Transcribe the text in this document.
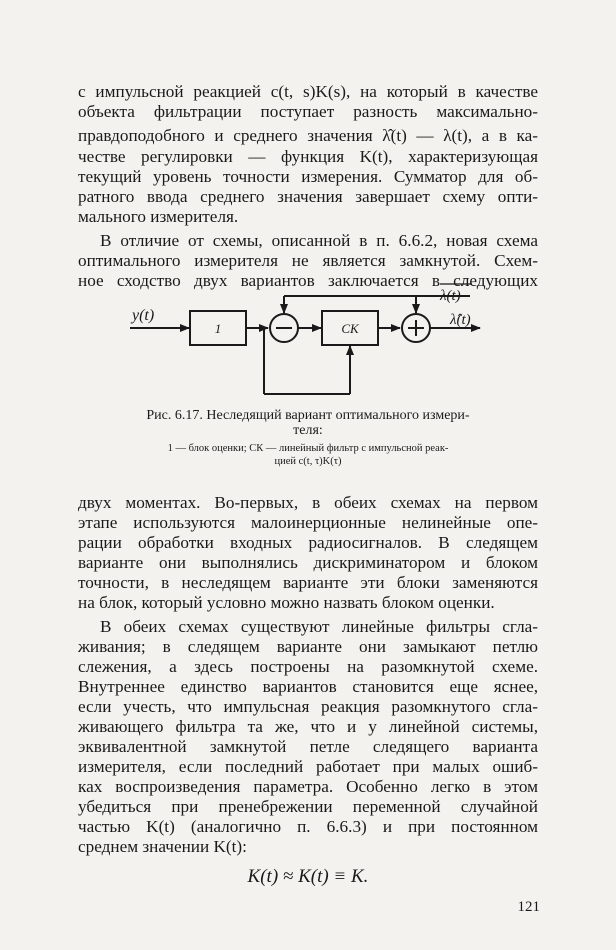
с импульсной реакцией c(t, s)K(s), на который в качестве
объекта фильтрации поступает разность максимально-
правдоподобного и среднего значения λ̂(t) — λ(t), а в ка-
честве регулировки — функция K(t), характеризующая
текущий уровень точности измерения. Сумматор для об-
ратного ввода среднего значения завершает схему опти-
мального измерителя.
В отличие от схемы, описанной в п. 6.6.2, новая схема
оптимального измерителя не является замкнутой. Схем-
ное сходство двух вариантов заключается в следующих
y(t)
1	СК
λ(t)
λ̂(t)
Рис. 6.17. Неследящий вариант оптимального измери-
теля:
1 — блок оценки; СК — линейный фильтр с импульсной реак-
цией c(t, τ)K(τ)
двух моментах. Во-первых, в обеих схемах на первом
этапе используются малоинерционные нелинейные опе-
рации обработки входных радиосигналов. В следящем
варианте они выполнялись дискриминатором и блоком
точности, в неследящем варианте эти блоки заменяются
на блок, который условно можно назвать блоком оценки.
В обеих схемах существуют линейные фильтры сгла-
живания; в следящем варианте они замыкают петлю
слежения, а здесь построены на разомкнутой схеме.
Внутреннее единство вариантов становится еще яснее,
если учесть, что импульсная реакция разомкнутого сгла-
живающего фильтра та же, что и у линейной системы,
эквивалентной замкнутой петле следящего варианта
измерителя, если последний работает при малых ошиб-
ках воспроизведения параметра. Особенно легко в этом
убедиться при пренебрежении переменной случайной
частью K(t) (аналогично п. 6.6.3) и при постоянном
среднем значении K(t):
K(t) ≈ K(t) ≡ K.
121
